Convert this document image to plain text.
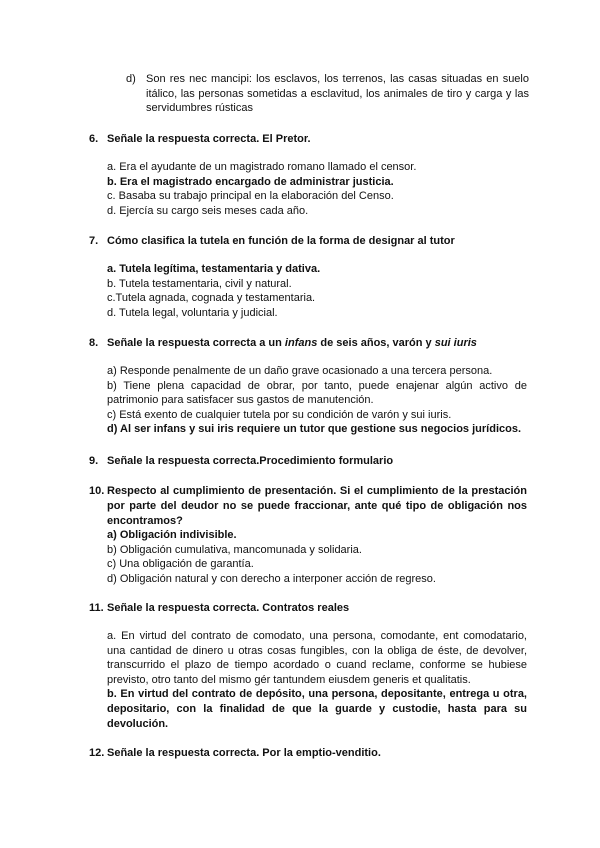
d) Son res nec mancipi: los esclavos, los terrenos, las casas situadas en suelo itálico, las personas sometidas a esclavitud, los animales de tiro y carga y las servidumbres rústicas
6. Señale la respuesta correcta. El Pretor.
a. Era el ayudante de un magistrado romano llamado el censor.
b. Era el magistrado encargado de administrar justicia.
c. Basaba su trabajo principal en la elaboración del Censo.
d. Ejercía su cargo seis meses cada año.
7. Cómo clasifica la tutela en función de la forma de designar al tutor
a. Tutela legítima, testamentaria y dativa.
b. Tutela testamentaria, civil y natural.
c.Tutela agnada, cognada y testamentaria.
d. Tutela legal, voluntaria y judicial.
8. Señale la respuesta correcta a un infans de seis años, varón y sui iuris
a) Responde penalmente de un daño grave ocasionado a una tercera persona.
b) Tiene plena capacidad de obrar, por tanto, puede enajenar algún activo de patrimonio para satisfacer sus gastos de manutención.
c) Está exento de cualquier tutela por su condición de varón y sui iuris.
d) Al ser infans y sui iris requiere un tutor que gestione sus negocios jurídicos.
9. Señale la respuesta correcta.Procedimiento formulario
10. Respecto al cumplimiento de presentación. Si el cumplimiento de la prestación por parte del deudor no se puede fraccionar, ante qué tipo de obligación nos encontramos?
a) Obligación indivisible.
b) Obligación cumulativa, mancomunada y solidaria.
c) Una obligación de garantía.
d) Obligación natural y con derecho a interponer acción de regreso.
11. Señale la respuesta correcta. Contratos reales
a. En virtud del contrato de comodato, una persona, comodante, ent comodatario, una cantidad de dinero u otras cosas fungibles, con la obliga de éste, de devolver, transcurrido el plazo de tiempo acordado o cuand reclame, conforme se hubiese previsto, otro tanto del mismo gér tantundem eiusdem generis et qualitatis.
b. En virtud del contrato de depósito, una persona, depositante, entrega u otra, depositario, con la finalidad de que la guarde y custodie, hasta para su devolución.
12. Señale la respuesta correcta. Por la emptio-venditio.
